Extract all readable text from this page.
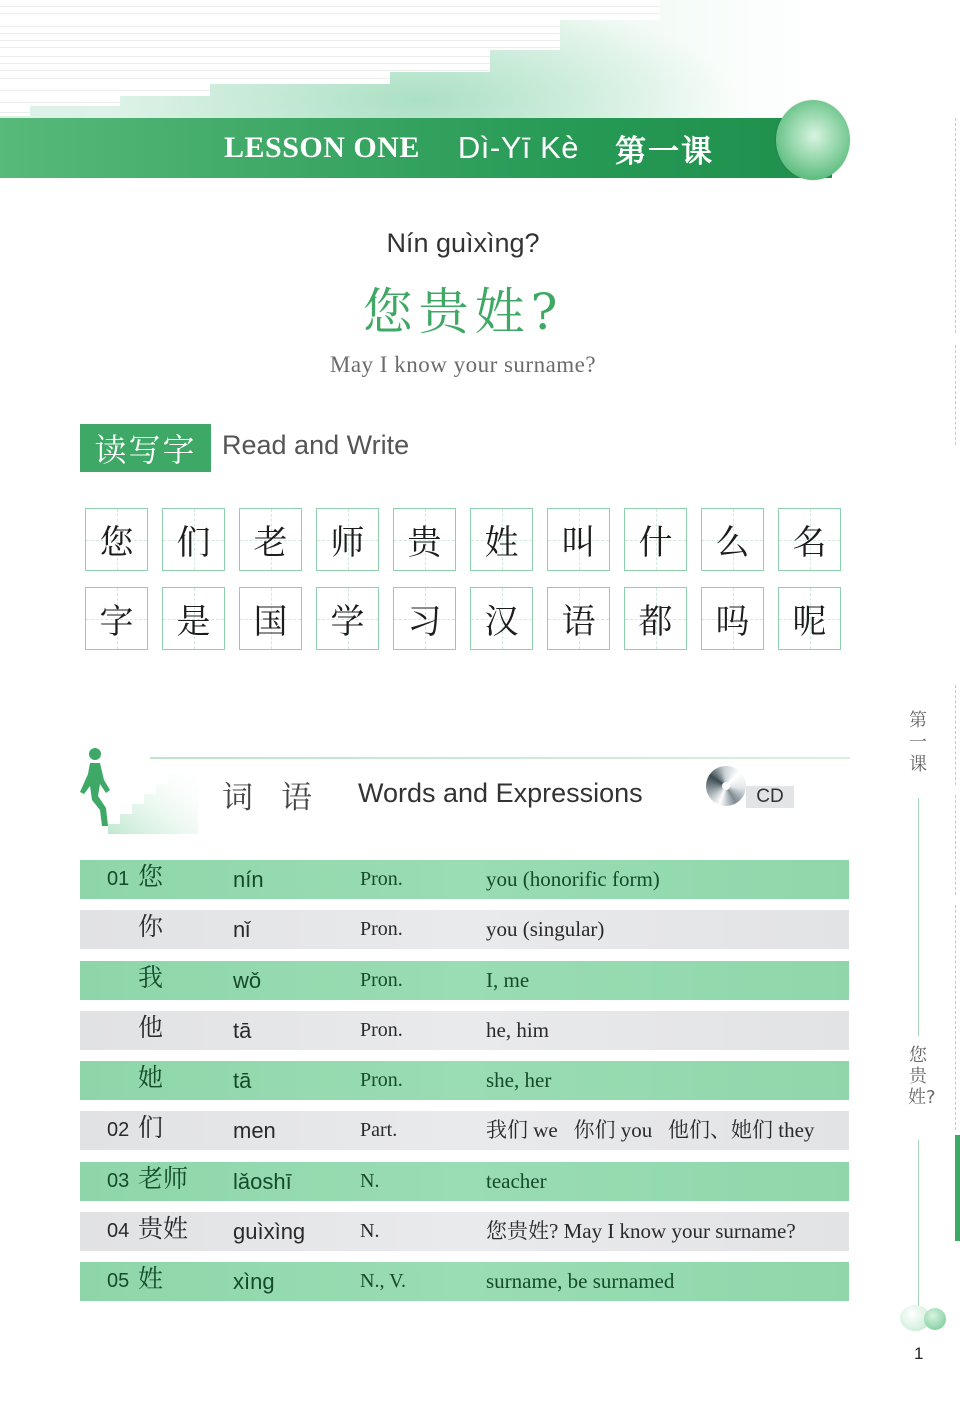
LESSON ONE Dì-Yī Kè 第一课
Nín guìxìng?
您贵姓?
May I know your surname?
读写字 Read and Write
您 们 老 师 贵 姓 叫 什 么 名
字 是 国 学 习 汉 语 都 吗 呢
词语 Words and Expressions	CD
01 您	nín	Pron.	you (honorific form)
你	nǐ	Pron.	you (singular)
我	wǒ	Pron.	I, me
他	tā	Pron.	he, him
她	tā	Pron.	she, her
02 们	men	Part.	我们 we   你们 you   他们、她们 they
03 老师 lǎoshī	N.	teacher
04 贵姓 guìxìng	N.	您贵姓? May I know your surname?
05 姓	xìng	N., V.	surname, be surnamed
第一课
您贵姓?
1
